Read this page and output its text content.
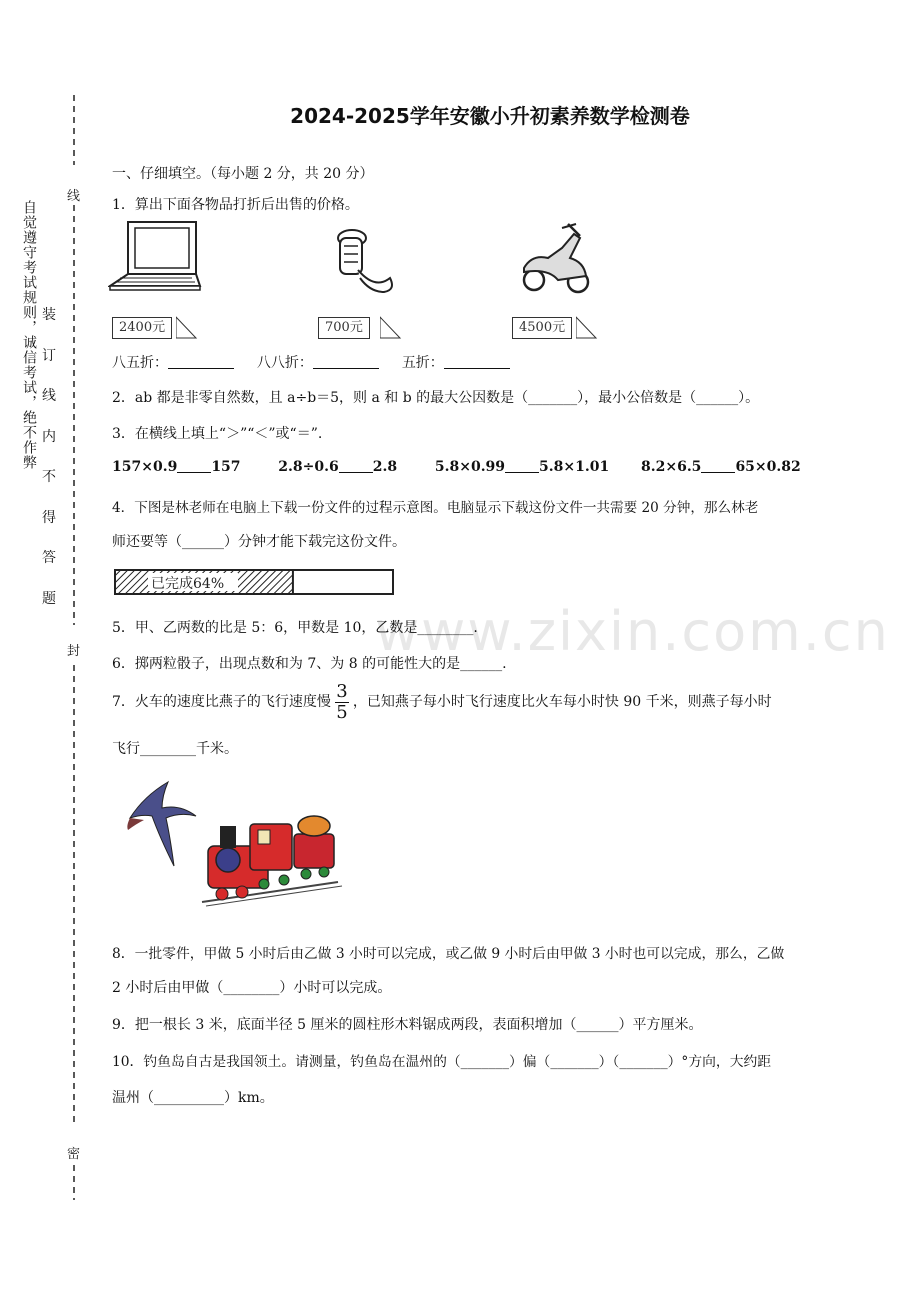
www.zixin.com.cn
线
封
密
自觉遵守考试规则，诚信考试，绝不作弊 装
订
线
内
不
得
答
题
2024-2025学年安徽小升初素养数学检测卷
一、仔细填空。（每小题 2 分，共 20 分）
1．算出下面各物品打折后出售的价格。
2400元	700元	4500元
八五折：	八八折：	五折：
2．ab 都是非零自然数，且 a÷b＝5，则 a 和 b 的最大公因数是（_______），最小公倍数是（______）。
3．在横线上填上“＞”“＜”或“＝”.
157×0.9 157	2.8÷0.6 2.8	5.8×0.99 5.8×1.01 8.2×6.5 65×0.82
4．下图是林老师在电脑上下载一份文件的过程示意图。电脑显示下载这份文件一共需要 20 分钟，那么林老
师还要等（______）分钟才能下载完这份文件。
已完成64%
5．甲、乙两数的比是 5：6，甲数是 10，乙数是________.
6．掷两粒骰子，出现点数和为 7、为 8 的可能性大的是______.
7．火车的速度比燕子的飞行速度慢 $\frac{3}{5}$ ，已知燕子每小时飞行速度比火车每小时快 90 千米，则燕子每小时
飞行________千米。
8．一批零件，甲做 5 小时后由乙做 3 小时可以完成，或乙做 9 小时后由甲做 3 小时也可以完成，那么，乙做
2 小时后由甲做（________）小时可以完成。
9．把一根长 3 米，底面半径 5 厘米的圆柱形木料锯成两段，表面积增加（______）平方厘米。
10．钓鱼岛自古是我国领土。请测量，钓鱼岛在温州的（_______）偏（_______）（_______）°方向，大约距
温州（__________）km。
